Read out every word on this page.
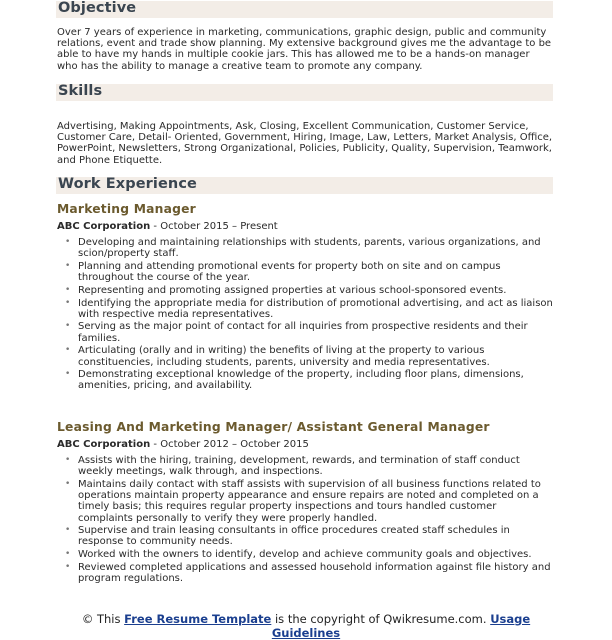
Objective

Over 7 years of experience in marketing, communications, graphic design, public and community relations, event and trade show planning. My extensive background gives me the advantage to be able to have my hands in multiple cookie jars. This has allowed me to be a hands-on manager who has the ability to manage a creative team to promote any company.

Skills

Advertising, Making Appointments, Ask, Closing, Excellent Communication, Customer Service, Customer Care, Detail- Oriented, Government, Hiring, Image, Law, Letters, Market Analysis, Office, PowerPoint, Newsletters, Strong Organizational, Policies, Publicity, Quality, Supervision, Teamwork, and Phone Etiquette.

Work Experience
Marketing Manager
ABC Corporation - October 2015 – Present
• Developing and maintaining relationships with students, parents, various organizations, and scion/property staff.
• Planning and attending promotional events for property both on site and on campus throughout the course of the year.
• Representing and promoting assigned properties at various school-sponsored events.
• Identifying the appropriate media for distribution of promotional advertising, and act as liaison with respective media representatives.
• Serving as the major point of contact for all inquiries from prospective residents and their families.
• Articulating (orally and in writing) the benefits of living at the property to various constituencies, including students, parents, university and media representatives.
• Demonstrating exceptional knowledge of the property, including floor plans, dimensions, amenities, pricing, and availability.
Leasing And Marketing Manager/ Assistant General Manager
ABC Corporation - October 2012 – October 2015
• Assists with the hiring, training, development, rewards, and termination of staff conduct weekly meetings, walk through, and inspections.
• Maintains daily contact with staff assists with supervision of all business functions related to operations maintain property appearance and ensure repairs are noted and completed on a timely basis; this requires regular property inspections and tours handled customer complaints personally to verify they were properly handled.
• Supervise and train leasing consultants in office procedures created staff schedules in response to community needs.
• Worked with the owners to identify, develop and achieve community goals and objectives.
• Reviewed completed applications and assessed household information against file history and program regulations.
© This Free Resume Template is the copyright of Qwikresume.com. Usage
Guidelines
